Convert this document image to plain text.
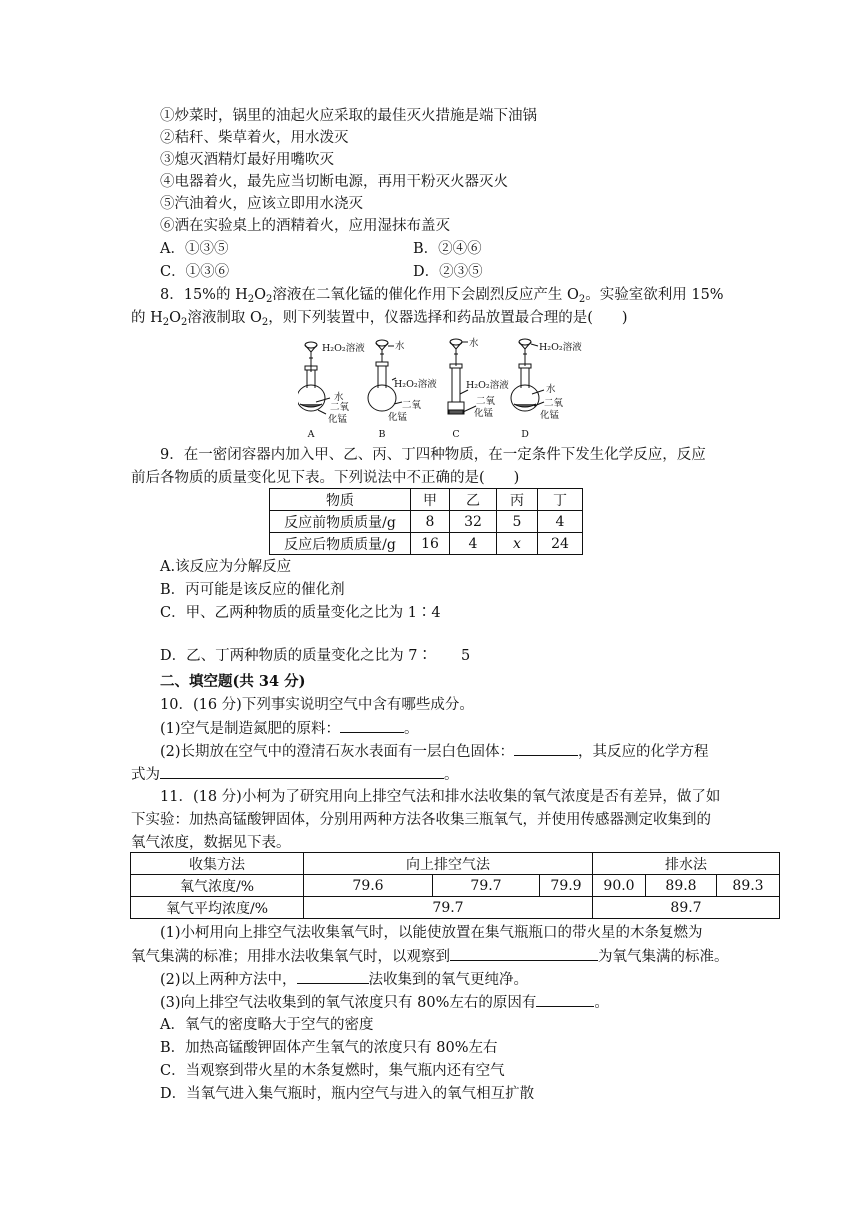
①炒菜时，锅里的油起火应采取的最佳灭火措施是端下油锅
②秸秆、柴草着火，用水泼灭
③熄灭酒精灯最好用嘴吹灭
④电器着火，最先应当切断电源，再用干粉灭火器灭火
⑤汽油着火，应该立即用水浇灭
⑥洒在实验桌上的酒精着火，应用湿抹布盖灭
A．①③⑤	B．②④⑥
C．①③⑥	D．②③⑤
8．15%的 $H_2O_2$溶液在二氧化锰的催化作用下会剧烈反应产生 $O_2$。实验室欲利用 15%
的 $H_2O_2$溶液制取 $O_2$，则下列装置中，仪器选择和药品放置最合理的是(　　)
H₂O₂溶液
水
二氧
化锰
A
水
H₂O₂溶液
二氧
化锰
B
水
H₂O₂溶液
二氧
化锰
C
H₂O₂溶液
水
二氧
化锰
D
9．在一密闭容器内加入甲、乙、丙、丁四种物质，在一定条件下发生化学反应，反应
前后各物质的质量变化见下表。下列说法中不正确的是(　　)
物质	甲	乙	丙	丁
反应前物质质量/g	8	32	5	4
反应后物质质量/g	16	4	x	24
A.该反应为分解反应
B．丙可能是该反应的催化剂
C．甲、乙两种物质的质量变化之比为 1∶4
D．乙、丁两种物质的质量变化之比为 7∶　　5
二、填空题(共 34 分)
10．(16 分)下列事实说明空气中含有哪些成分。
(1)空气是制造氮肥的原料：	。
(2)长期放在空气中的澄清石灰水表面有一层白色固体：	，其反应的化学方程
式为	。
11．(18 分)小柯为了研究用向上排空气法和排水法收集的氧气浓度是否有差异，做了如
下实验：加热高锰酸钾固体，分别用两种方法各收集三瓶氧气，并使用传感器测定收集到的
氧气浓度，数据见下表。
收集方法	向上排空气法			排水法		
氧气浓度/%	79.6	79.7	79.9	90.0	89.8	89.3
氧气平均浓度/%	79.7			89.7		
(1)小柯用向上排空气法收集氧气时，以能使放置在集气瓶瓶口的带火星的木条复燃为
氧气集满的标准；用排水法收集氧气时，以观察到	为氧气集满的标准。
(2)以上两种方法中，	法收集到的氧气更纯净。
(3)向上排空气法收集到的氧气浓度只有 80%左右的原因有	。
A．氧气的密度略大于空气的密度
B．加热高锰酸钾固体产生氧气的浓度只有 80%左右
C．当观察到带火星的木条复燃时，集气瓶内还有空气
D．当氧气进入集气瓶时，瓶内空气与进入的氧气相互扩散
